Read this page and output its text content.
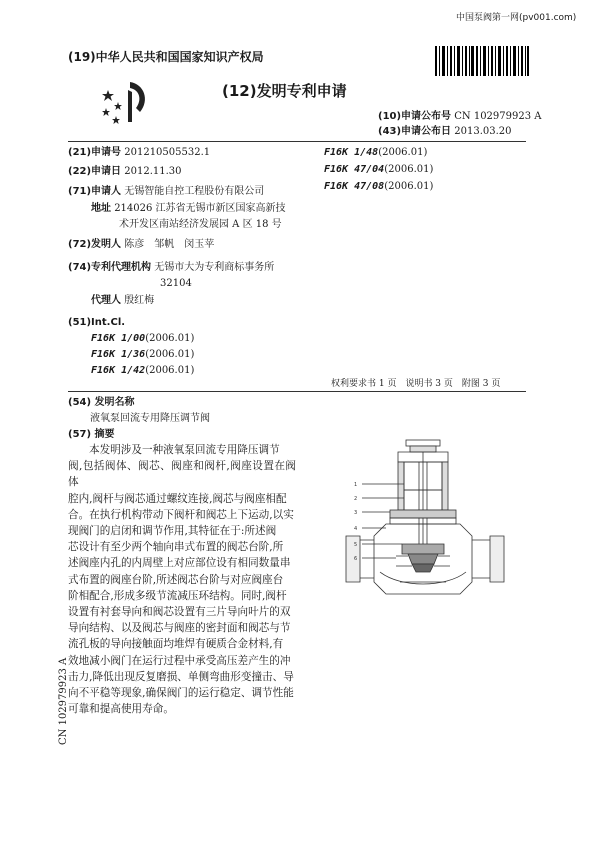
中国泵阀第一网(pv001.com)
(19)中华人民共和国国家知识产权局
(12)发明专利申请
(10)申请公布号 CN 102979923 A
(43)申请公布日 2013.03.20
(21)申请号 201210505532.1
(22)申请日 2012.11.30
(71)申请人 无锡智能自控工程股份有限公司
地址 214026 江苏省无锡市新区国家高新技
术开发区南站经济发展园 A 区 18 号
(72)发明人 陈彦　邹帆　闵玉苹
(74)专利代理机构 无锡市大为专利商标事务所
32104
代理人 殷红梅
(51)Int.Cl.
F16K 1/00(2006.01)
F16K 1/36(2006.01)
F16K 1/42(2006.01)
F16K 1/48(2006.01)
F16K 47/04(2006.01)
F16K 47/08(2006.01)
权利要求书 1 页　说明书 3 页　附图 3 页
(54) 发明名称
液氧泵回流专用降压调节阀
(57) 摘要

本发明涉及一种液氧泵回流专用降压调节

阀,包括阀体、阀芯、阀座和阀杆,阀座设置在阀体

腔内,阀杆与阀芯通过螺纹连接,阀芯与阀座相配

合。在执行机构带动下阀杆和阀芯上下运动,以实

现阀门的启闭和调节作用,其特征在于:所述阀

芯设计有至少两个轴向串式布置的阀芯台阶,所

述阀座内孔的内周壁上对应部位设有相同数量串

式布置的阀座台阶,所述阀芯台阶与对应阀座台

阶相配合,形成多级节流减压环结构。同时,阀杆

设置有衬套导向和阀芯设置有三片导向叶片的双

导向结构、以及阀芯与阀座的密封面和阀芯与节

流孔板的导向接触面均堆焊有硬质合金材料,有

效地减小阀门在运行过程中承受高压差产生的冲

击力,降低出现反复磨损、单侧弯曲形变撞击、导

向不平稳等现象,确保阀门的运行稳定、调节性能

可靠和提高使用寿命。

CN 102979923 A
1
2
3
4
5
6
